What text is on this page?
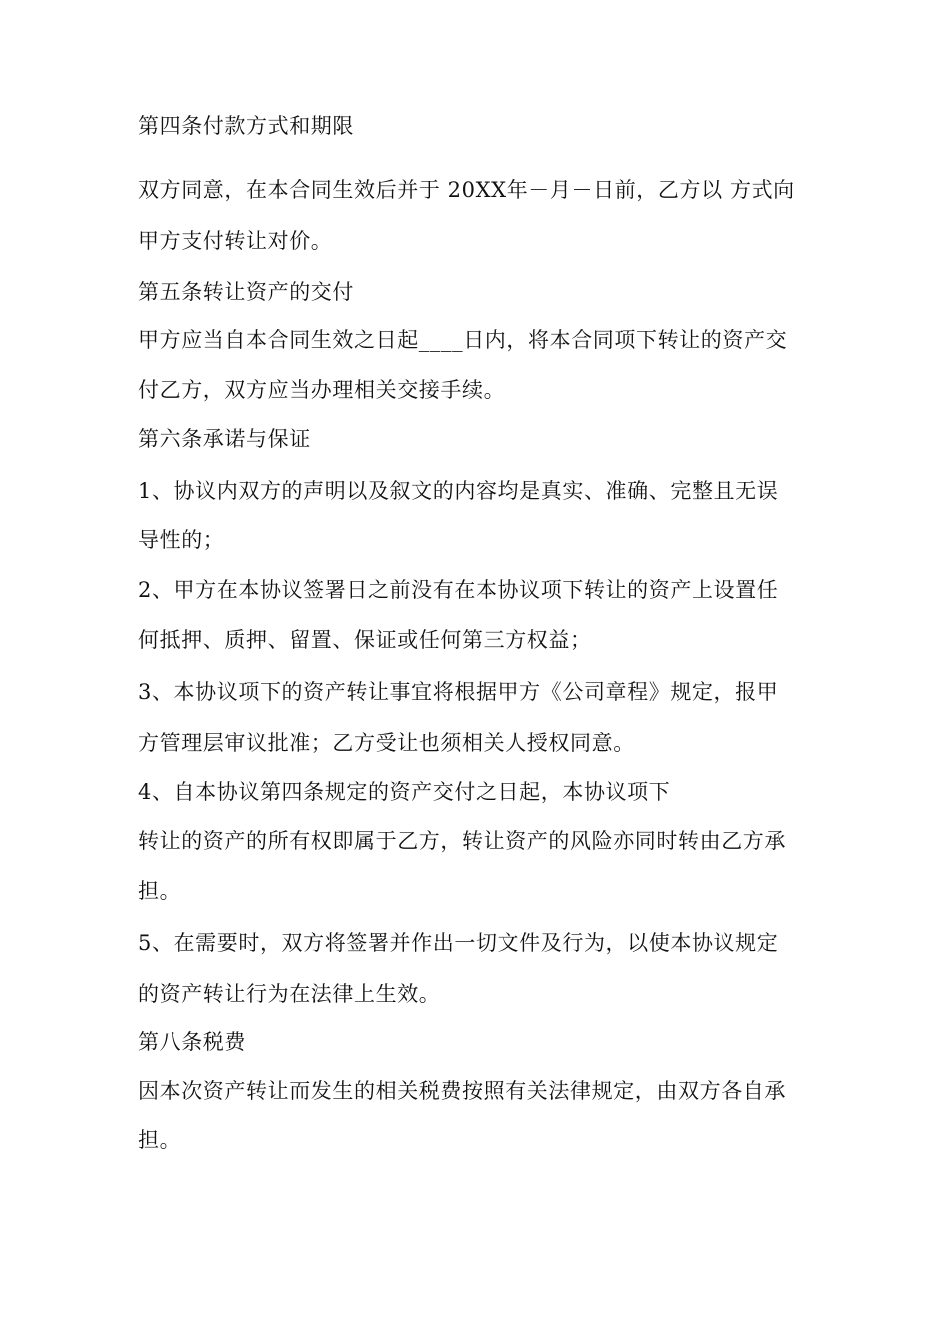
第四条付款方式和期限
双方同意，在本合同生效后并于 20XX年－月－日前，乙方以 方式向
甲方支付转让对价。
第五条转让资产的交付
甲方应当自本合同生效之日起____日内，将本合同项下转让的资产交
付乙方，双方应当办理相关交接手续。
第六条承诺与保证
1、协议内双方的声明以及叙文的内容均是真实、准确、完整且无误
导性的；
2、甲方在本协议签署日之前没有在本协议项下转让的资产上设置任
何抵押、质押、留置、保证或任何第三方权益；
3、本协议项下的资产转让事宜将根据甲方《公司章程》规定，报甲
方管理层审议批准；乙方受让也须相关人授权同意。
4、自本协议第四条规定的资产交付之日起，本协议项下
转让的资产的所有权即属于乙方，转让资产的风险亦同时转由乙方承
担。
5、在需要时，双方将签署并作出一切文件及行为，以使本协议规定
的资产转让行为在法律上生效。
第八条税费
因本次资产转让而发生的相关税费按照有关法律规定，由双方各自承
担。
